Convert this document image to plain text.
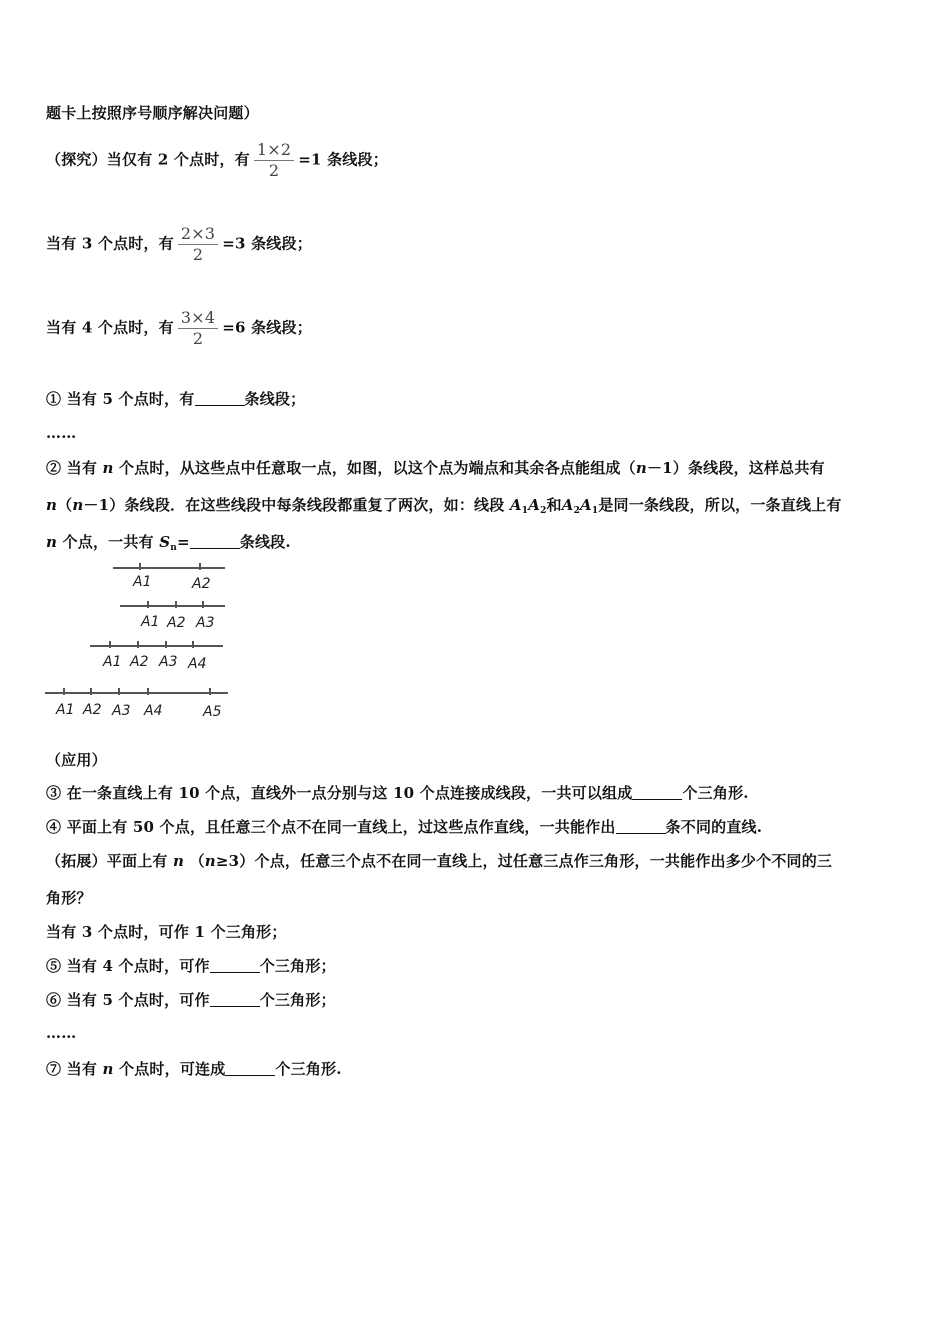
题卡上按照序号顺序解决问题）
（探究）当仅有 2 个点时，有 $\frac{1\times 2}{2} =1$ 条线段；
当有 3 个点时，有 $\frac{2\times 3}{2} =3$ 条线段；
当有 4 个点时，有 $\frac{3\times 4}{2} =6$ 条线段；
① 当有 5 个点时，有	条线段；
……
② 当有 n 个点时，从这些点中任意取一点，如图，以这个点为端点和其余各点能组成（n－1）条线段，这样总共有
n（n－1）条线段．在这些线段中每条线段都重复了两次，如：线段 $A_1A_2$和$A_2A_1$是同一条线段，所以，一条直线上有
n 个点，一共有 $S_n=$	条线段.
A1	A2
A1 A2 A3
A1 A2 A3 A4
A1 A2 A3 A4	A5
（应用）
③ 在一条直线上有 10 个点，直线外一点分别与这 10 个点连接成线段，一共可以组成	个三角形.
④ 平面上有 50 个点，且任意三个点不在同一直线上，过这些点作直线，一共能作出	条不同的直线.
（拓展）平面上有 n （n≥3）个点，任意三个点不在同一直线上，过任意三点作三角形，一共能作出多少个不同的三
角形？
当有 3 个点时，可作 1 个三角形；
⑤ 当有 4 个点时，可作	个三角形；
⑥ 当有 5 个点时，可作	个三角形；
……
⑦ 当有 n 个点时，可连成	个三角形.
